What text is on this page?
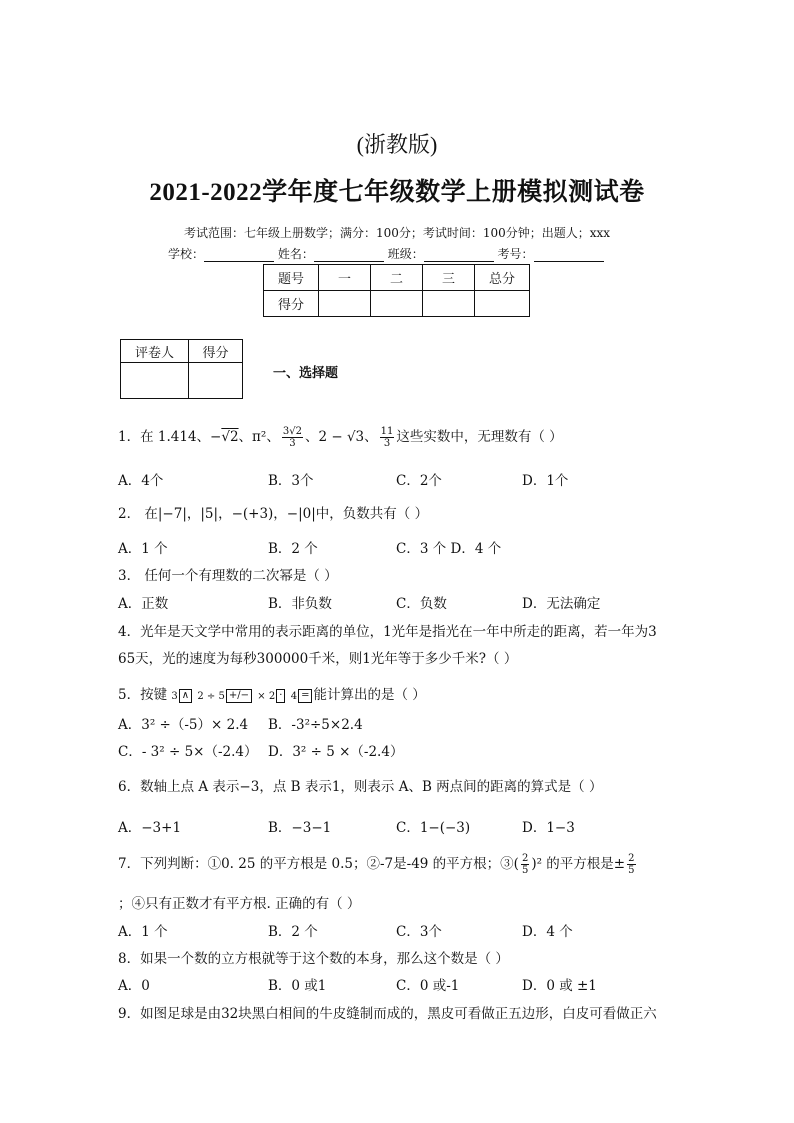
(浙教版)
2021-2022学年度七年级数学上册模拟测试卷
考试范围：七年级上册数学；满分：100分；考试时间：100分钟；出题人；xxx
学校：	姓名：	班级：	考号：
题号	一	二	三	总分
得分				
评卷人	得分

一、选择题
1．在 1.414、−√2、π²、 $\frac{3√2}{3}$ 、2 − √3、 $\frac{11}{3}$ 这些实数中，无理数有（ ）
A．4个	B．3个	C．2个	D．1个
2． 在|−7|，|5|，−(+3)，−|0|中，负数共有（ ）
A．1 个	B．2 个	C．3 个 D．4 个
3． 任何一个有理数的二次幂是（ ）
A．正数	B．非负数	C．负数	D．无法确定
4．光年是天文学中常用的表示距离的单位，1光年是指光在一年中所走的距离，若一年为3
65天，光的速度为每秒300000千米，则1光年等于多少千米?（ ）
5．按键 3 ∧ 2 ÷ 5 +/− × 2 · 4 = 能计算出的是（ ）
A．3² ÷（-5）× 2.4 B．-3²÷5×2.4
C．- 3² ÷ 5×（-2.4） D．3² ÷ 5 ×（-2.4）
6．数轴上点 A 表示−3，点 B 表示1，则表示 A、B 两点间的距离的算式是（ ）
A．−3+1	B．−3−1	C．1−(−3)	D．1−3
7．下列判断：①0. 25 的平方根是 0.5；②-7是-49 的平方根；③( $\frac{2}{5} )^2$ 的平方根是± $\frac{2}{5}$
；④只有正数才有平方根. 正确的有（ ）
A．1 个	B．2 个	C．3个	D．4 个
8．如果一个数的立方根就等于这个数的本身，那么这个数是（ ）
A．0	B．0 或1	C．0 或-1	D．0 或 ±1
9．如图足球是由32块黑白相间的牛皮缝制而成的，黑皮可看做正五边形，白皮可看做正六
